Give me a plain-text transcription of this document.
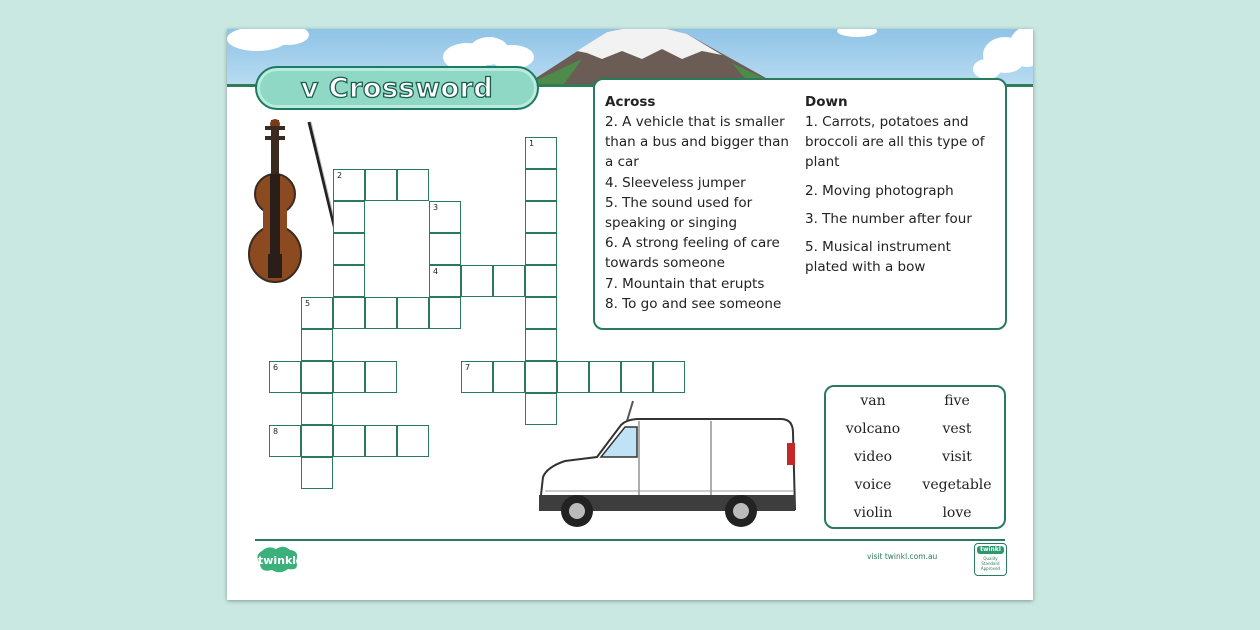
v Crossword
2
5
3
4
1
6
8
7
Across
2. A vehicle that is smaller than a bus and bigger than a car
4. Sleeveless jumper
5. The sound used for speaking or singing
6. A strong feeling of care towards someone
7. Mountain that erupts
8. To go and see someone
Down
1. Carrots, potatoes and broccoli are all this type of plant
2. Moving photograph
3. The number after four
5. Musical instrument plated with a bow
van	five
volcano	vest
video	visit
voice	vegetable
violin	love
twinkl	visit twinkl.com.au
twinkl
Quality Standard Approved
